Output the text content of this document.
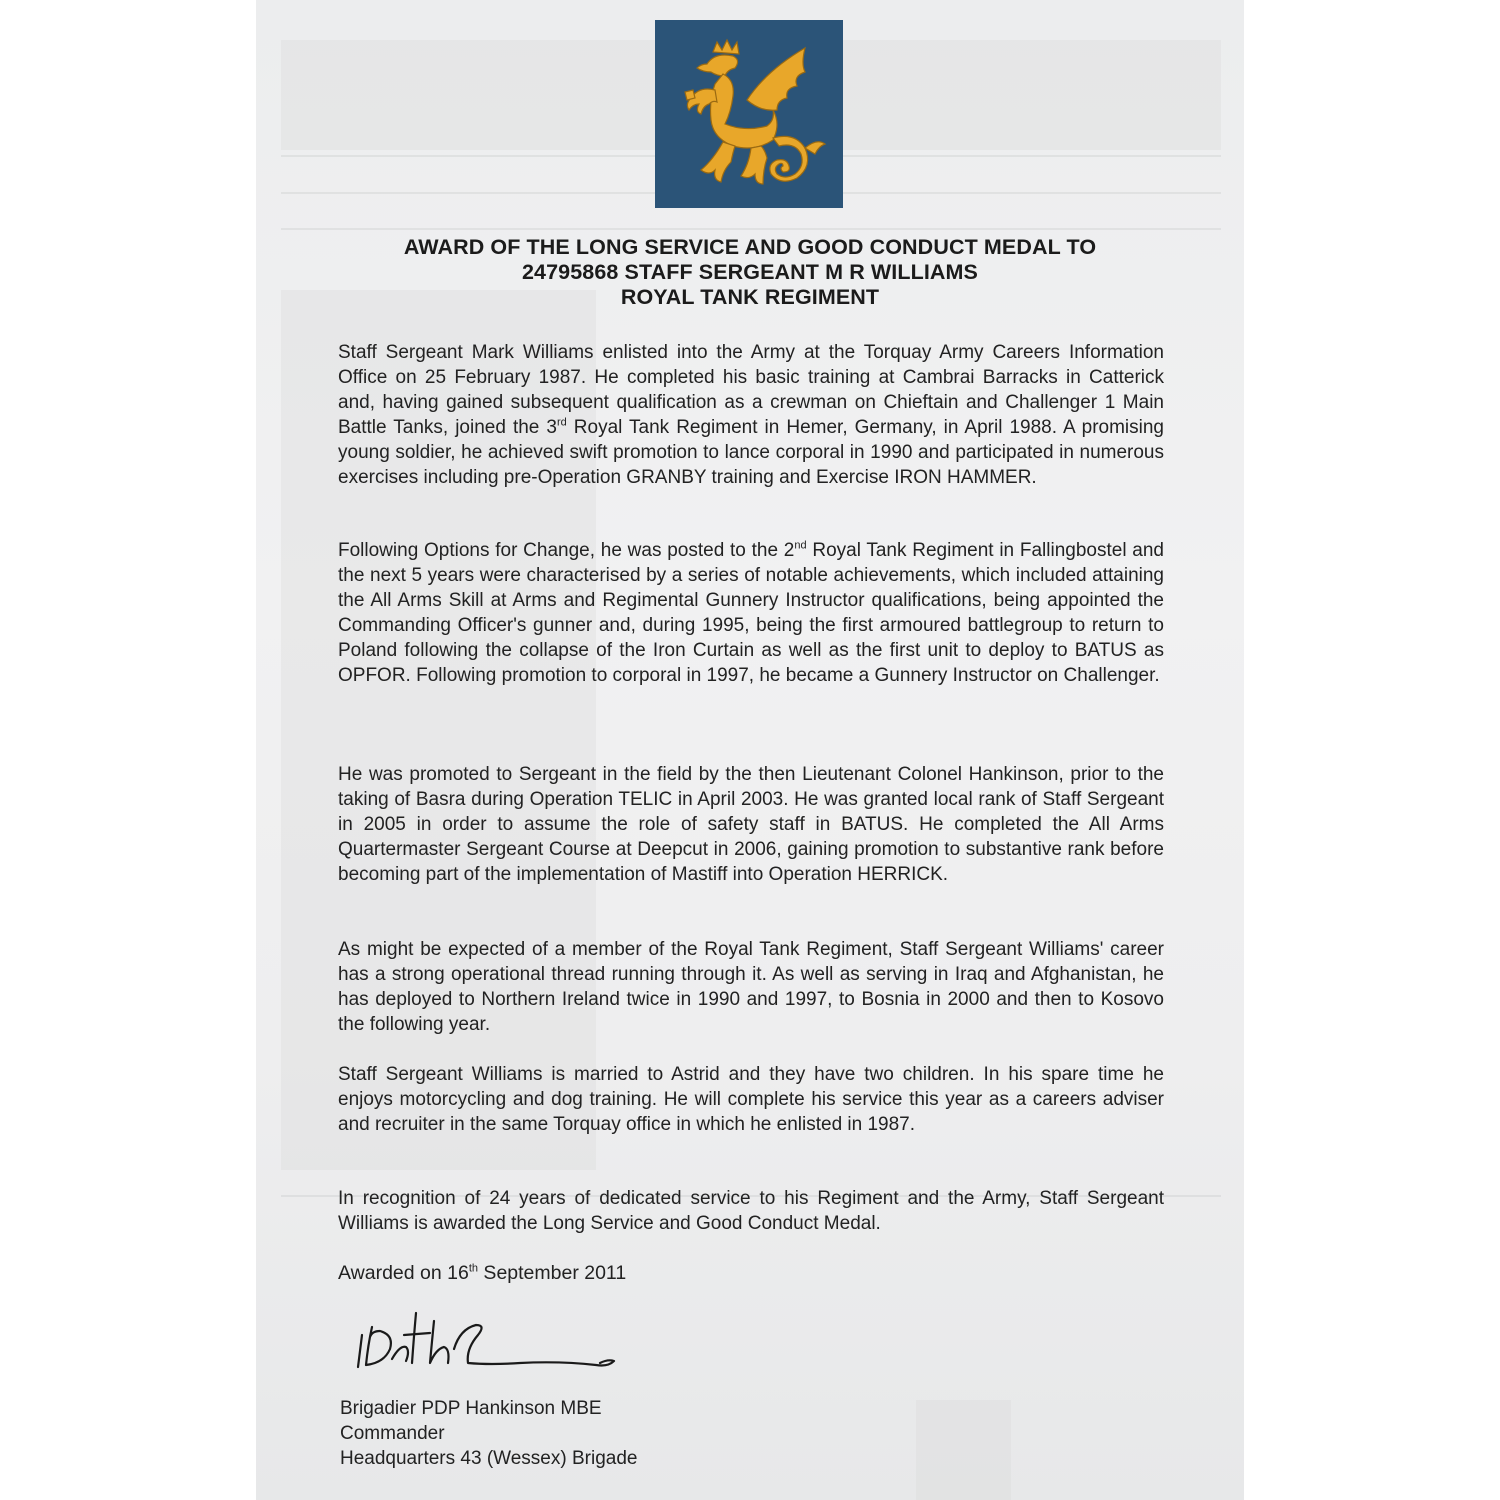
AWARD OF THE LONG SERVICE AND GOOD CONDUCT MEDAL TO
24795868 STAFF SERGEANT M R WILLIAMS
ROYAL TANK REGIMENT

Staff Sergeant Mark Williams enlisted into the Army at the Torquay Army Careers Information Office on 25 February 1987. He completed his basic training at Cambrai Barracks in Catterick and, having gained subsequent qualification as a crewman on Chieftain and Challenger 1 Main Battle Tanks, joined the 3rd Royal Tank Regiment in Hemer, Germany, in April 1988. A promising young soldier, he achieved swift promotion to lance corporal in 1990 and participated in numerous exercises including pre-Operation GRANBY training and Exercise IRON HAMMER.

Following Options for Change, he was posted to the 2nd Royal Tank Regiment in Fallingbostel and the next 5 years were characterised by a series of notable achievements, which included attaining the All Arms Skill at Arms and Regimental Gunnery Instructor qualifications, being appointed the Commanding Officer's gunner and, during 1995, being the first armoured battlegroup to return to Poland following the collapse of the Iron Curtain as well as the first unit to deploy to BATUS as OPFOR. Following promotion to corporal in 1997, he became a Gunnery Instructor on Challenger.

He was promoted to Sergeant in the field by the then Lieutenant Colonel Hankinson, prior to the taking of Basra during Operation TELIC in April 2003. He was granted local rank of Staff Sergeant in 2005 in order to assume the role of safety staff in BATUS. He completed the All Arms Quartermaster Sergeant Course at Deepcut in 2006, gaining promotion to substantive rank before becoming part of the implementation of Mastiff into Operation HERRICK.

As might be expected of a member of the Royal Tank Regiment, Staff Sergeant Williams' career has a strong operational thread running through it. As well as serving in Iraq and Afghanistan, he has deployed to Northern Ireland twice in 1990 and 1997, to Bosnia in 2000 and then to Kosovo the following year.

Staff Sergeant Williams is married to Astrid and they have two children. In his spare time he enjoys motorcycling and dog training. He will complete his service this year as a careers adviser and recruiter in the same Torquay office in which he enlisted in 1987.

In recognition of 24 years of dedicated service to his Regiment and the Army, Staff Sergeant Williams is awarded the Long Service and Good Conduct Medal.

Awarded on 16th September 2011
Brigadier PDP Hankinson MBE
Commander
Headquarters 43 (Wessex) Brigade
